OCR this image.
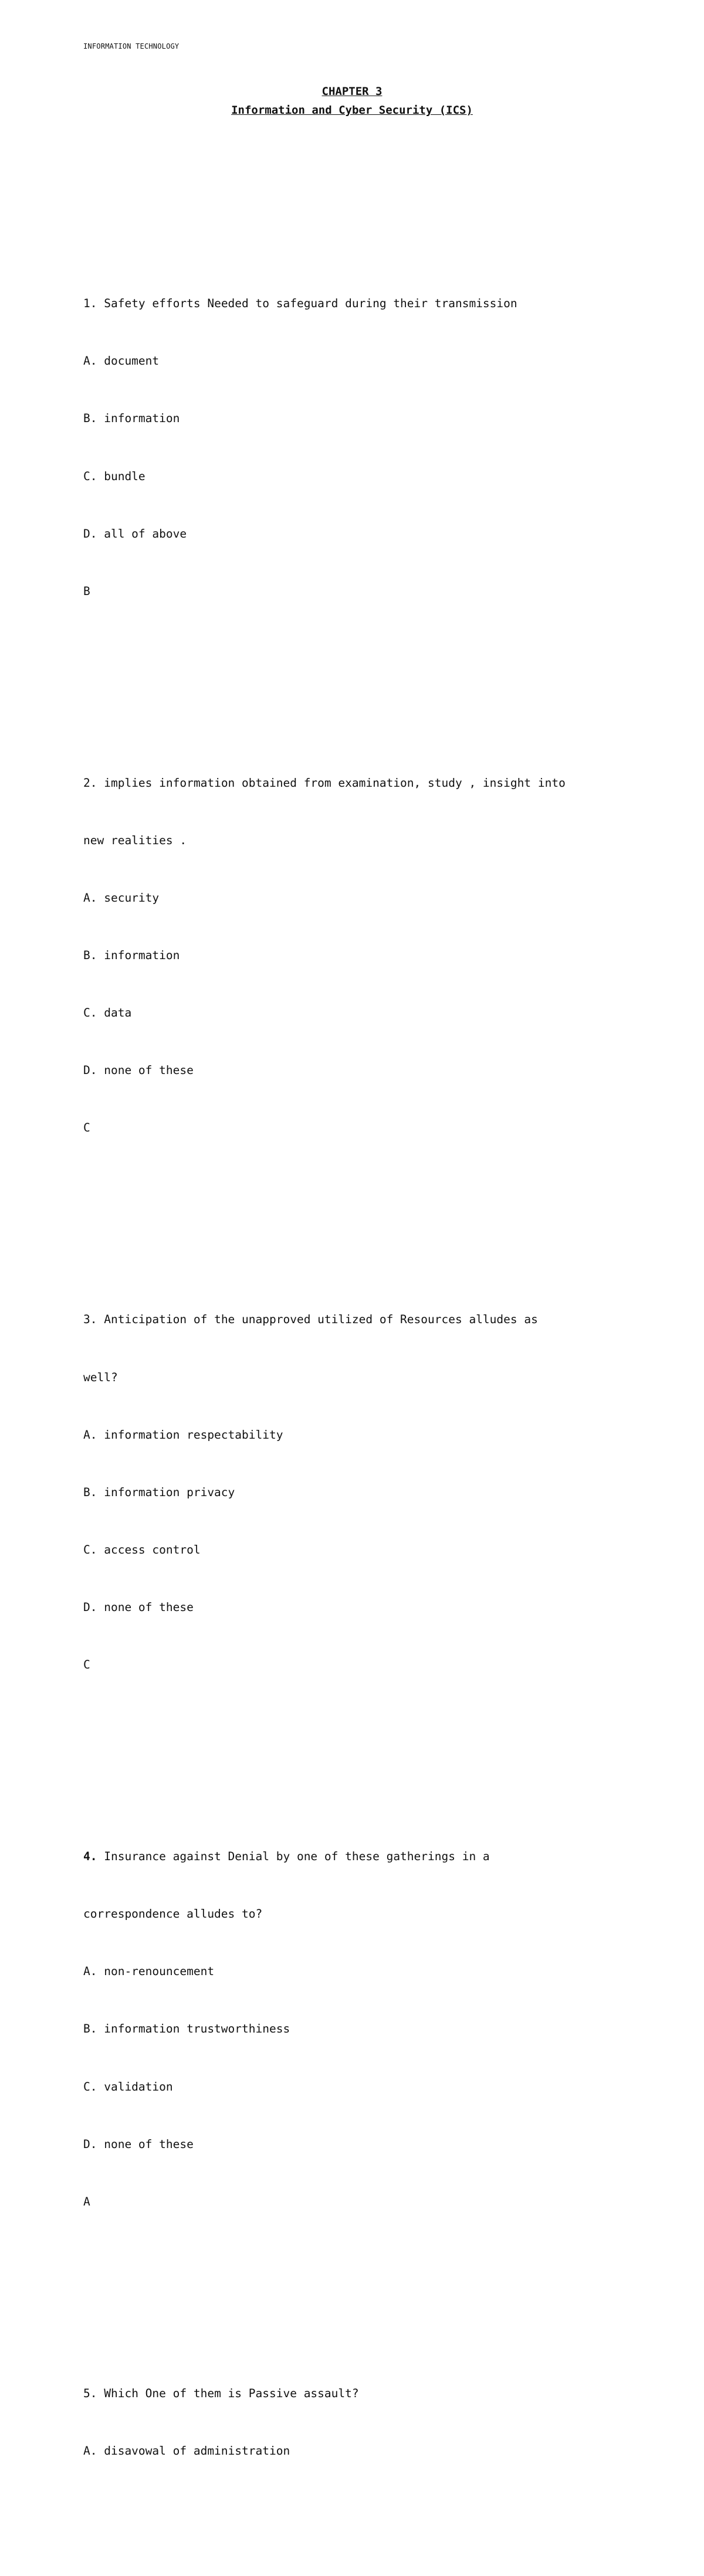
INFORMATION TECHNOLOGY
CHAPTER 3
Information and Cyber Security (ICS)

1. Safety efforts Needed to safeguard during their transmission

A. document

B. information

C. bundle

D. all of above

B

2. implies information obtained from examination, study , insight into

new realities .

A. security

B. information

C. data

D. none of these

C

3. Anticipation of the unapproved utilized of Resources alludes as

well?

A. information respectability

B. information privacy

C. access control

D. none of these

C

4. Insurance against Denial by one of these gatherings in a

correspondence alludes to?

A. non-renouncement

B. information trustworthiness

C. validation

D. none of these

A

5. Which One of them is Passive assault?

A. disavowal of administration
